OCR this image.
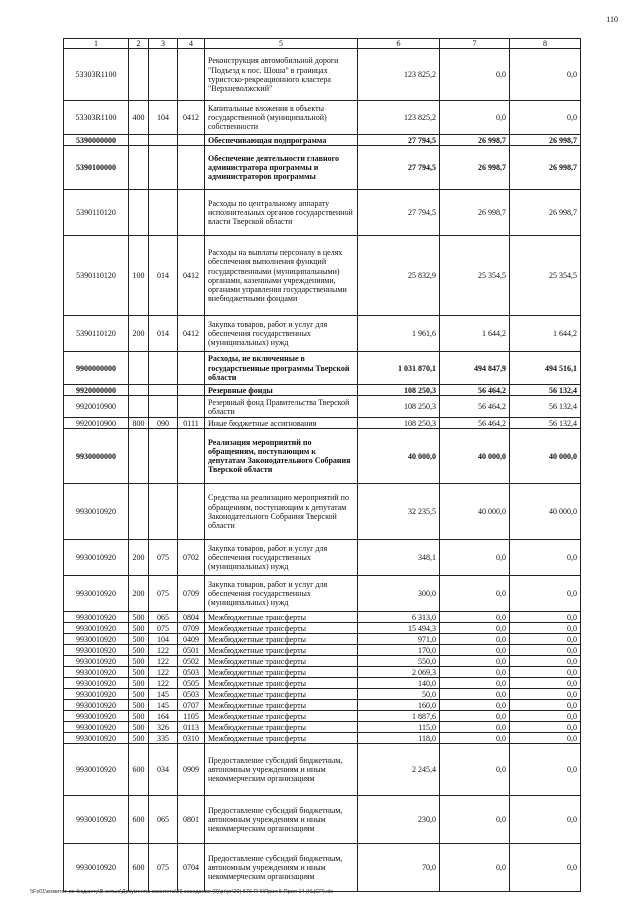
110
1	2	3	4	5	6	7	8
53303R1100				Реконструкция автомобильной дороги "Подъезд к пос. Шоша" в границах туристско-рекреационного кластера "Верхневолжский"	123 825,2	0,0	0,0
53303R1100	400	104	0412	Капитальные вложения в объекты государственной (муниципальной) собственности	123 825,2	0,0	0,0
5390000000				Обеспечивающая подпрограмма	27 794,5	26 998,7	26 998,7
5390100000				Обеспечение деятельности главного администратора программы и администраторов программы	27 794,5	26 998,7	26 998,7
5390110120				Расходы по центральному аппарату исполнительных органов государственной власти Тверской области	27 794,5	26 998,7	26 998,7
5390110120	100	014	0412	Расходы на выплаты персоналу в целях обеспечения выполнения функций государственными (муниципальными) органами, казенными учреждениями, органами управления государственными внебюджетными фондами	25 832,9	25 354,5	25 354,5
5390110120	200	014	0412	Закупка товаров, работ и услуг для обеспечения государственных (муниципальных) нужд	1 961,6	1 644,2	1 644,2
9900000000				Расходы, не включенные в государственные программы Тверской области	1 031 870,1	494 847,9	494 516,1
9920000000				Резервные фонды	108 250,3	56 464,2	56 132,4
9920010900				Резервный фонд Правительства Тверской области	108 250,3	56 464,2	56 132,4
9920010900	800	090	0111	Иные бюджетные ассигнования	108 250,3	56 464,2	56 132,4
9930000000				Реализация мероприятий по обращениям, поступающим к депутатам Законодательного Собрания Тверской области	40 000,0	40 000,0	40 000,0
9930010920				Средства на реализацию мероприятий по обращениям, поступающим к депутатам Законодательного Собрания Тверской области	32 235,5	40 000,0	40 000,0
9930010920	200	075	0702	Закупка товаров, работ и услуг для обеспечения государственных (муниципальных) нужд	348,1	0,0	0,0
9930010920	200	075	0709	Закупка товаров, работ и услуг для обеспечения государственных (муниципальных) нужд	300,0	0,0	0,0
9930010920	500	065	0804	Межбюджетные трансферты	6 313,0	0,0	0,0
9930010920	500	075	0709	Межбюджетные трансферты	15 494,3	0,0	0,0
9930010920	500	104	0409	Межбюджетные трансферты	971,0	0,0	0,0
9930010920	500	122	0501	Межбюджетные трансферты	170,0	0,0	0,0
9930010920	500	122	0502	Межбюджетные трансферты	550,0	0,0	0,0
9930010920	500	122	0503	Межбюджетные трансферты	2 069,3	0,0	0,0
9930010920	500	122	0505	Межбюджетные трансферты	140,0	0,0	0,0
9930010920	500	145	0503	Межбюджетные трансферты	50,0	0,0	0,0
9930010920	500	145	0707	Межбюджетные трансферты	160,0	0,0	0,0
9930010920	500	164	1105	Межбюджетные трансферты	1 887,6	0,0	0,0
9930010920	500	326	0113	Межбюджетные трансферты	115,0	0,0	0,0
9930010920	500	335	0310	Межбюджетные трансферты	118,0	0,0	0,0
9930010920	600	034	0909	Предоставление субсидий бюджетным, автономным учреждениям и иным некоммерческим организациям	2 245,4	0,0	0,0
9930010920	600	065	0801	Предоставление субсидий бюджетным, автономным учреждениям и иным некоммерческим организациям	230,0	0,0	0,0
9930010920	600	075	0704	Предоставление субсидий бюджетным, автономным учреждениям и иным некоммерческим организациям	70,0	0,0	0,0
\\Fs01\комитет по бюджету\В сетью\Документы комитета\29 заседание (9)\pr\pr\29) 576-П-6\Прил 5 Прил 14 (КЦСР).xls
